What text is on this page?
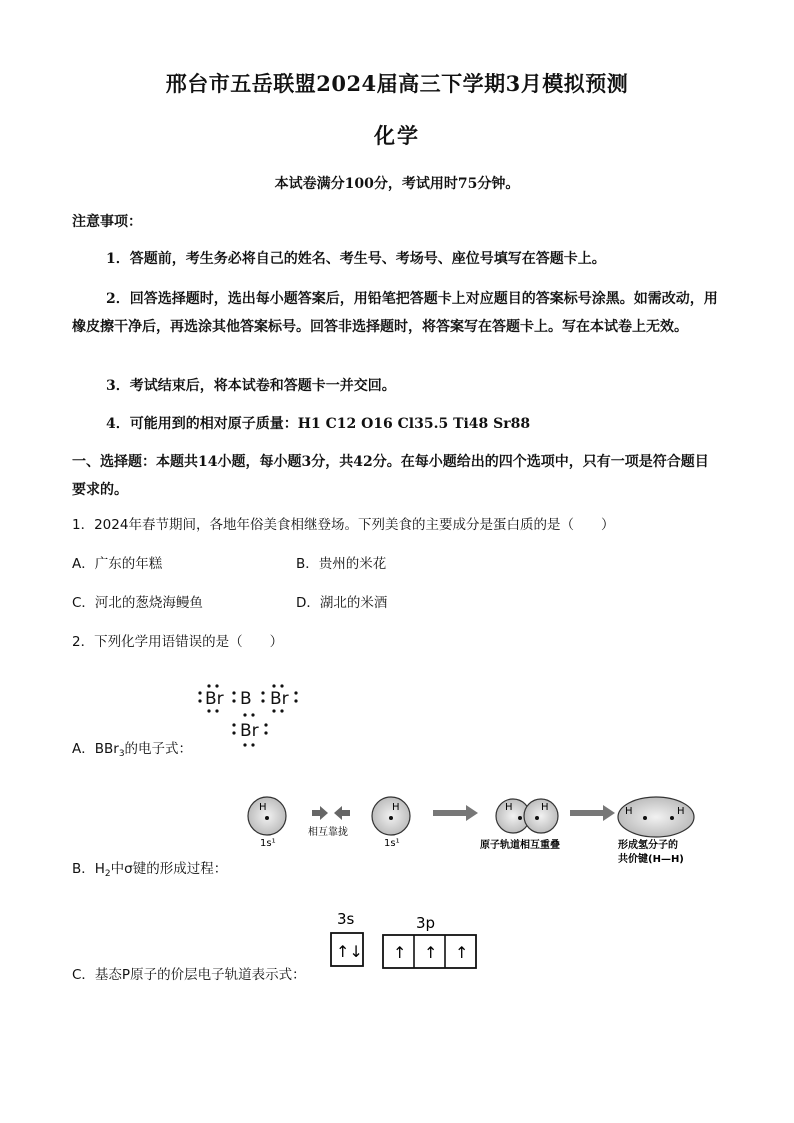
邢台市五岳联盟2024届高三下学期3月模拟预测
化学
本试卷满分100分，考试用时75分钟。
注意事项：
1．答题前，考生务必将自己的姓名、考生号、考场号、座位号填写在答题卡上。
2．回答选择题时，选出每小题答案后，用铅笔把答题卡上对应题目的答案标号涂黑。如需改动，用橡皮擦干净后，再选涂其他答案标号。回答非选择题时，将答案写在答题卡上。写在本试卷上无效。
3．考试结束后，将本试卷和答题卡一并交回。
4．可能用到的相对原子质量：H1 C12 O16 Cl35.5 Ti48 Sr88
一、选择题：本题共14小题，每小题3分，共42分。在每小题给出的四个选项中，只有一项是符合题目要求的。
1．2024年春节期间，各地年俗美食相继登场。下列美食的主要成分是蛋白质的是（　　）
A．广东的年糕	B．贵州的米花
C．河北的葱烧海鳗鱼	D．湖北的米酒
2．下列化学用语错误的是（　　）
Br B Br
Br
A．BBr$_3$的电子式：
H
1s¹
相互靠拢
H
1s¹
H	H
原子轨道相互重叠
H	H
形成氢分子的
共价键(H—H)
B．$H_2$中σ键的形成过程：
3s	3p
↑↓ ↑ ↑ ↑
C．基态P原子的价层电子轨道表示式：
